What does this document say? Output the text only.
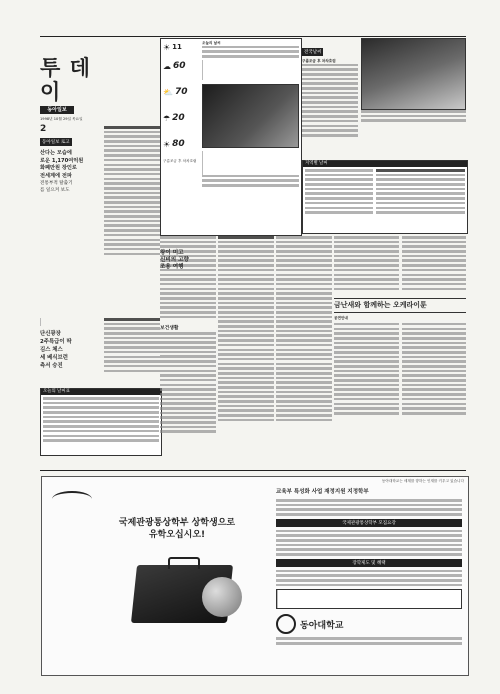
투 데 이
동아일보
1998년 10월 29일 목요일
2
동아일보 로고
산다는 모습에
로운 1,170여억원
화폐만원 장인로
전세계에 전파
전통부적 탈출기
를 일으켜 보도
단신광장
2주특급이 딱
김스 체스
세 베식브런
측서 승진
오늘의 날씨표
☀ 11
☁ 60
⛅ 70
☂ 20
☀ 80
구름조금 후 차차흐림
오늘의 날씨
전국날씨
구름조금 후 차차흐림
지역별 날씨
왕이 미고
신비의 고향
조용 여행
보건생활
금난새와 함께하는 오케라이툰
공연안내
동아대학교는 세계를 향하는 인재를 키우고 있습니다
국제관광통상학부 상학생으로
유학오십시오!
교육부 특성화 사업 재정지원 지정학부
국제관광통상학부 모집요강
장학제도 및 혜택
동아대학교
